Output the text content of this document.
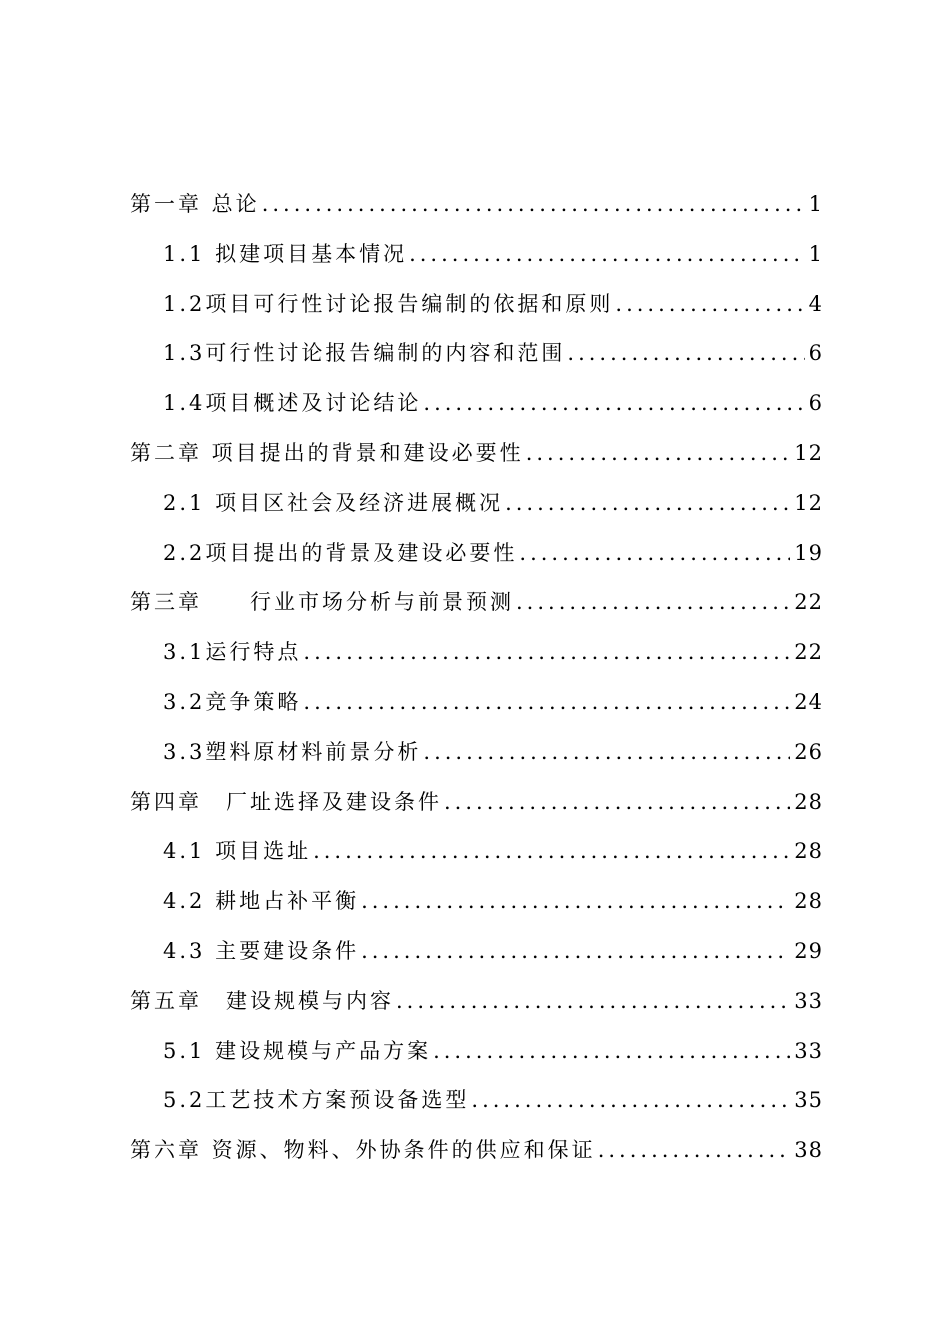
第一章 总论 .....	1
1.1 拟建项目基本情况 .....	1
1.2项目可行性讨论报告编制的依据和原则 .....	4
1.3可行性讨论报告编制的内容和范围 .....	6
1.4项目概述及讨论结论 .....	6
第二章 项目提出的背景和建设必要性 .....	12
2.1 项目区社会及经济进展概况 .....	12
2.2项目提出的背景及建设必要性 .....	19
第三章　　行业市场分析与前景预测 .....	22
3.1运行特点 .....	22
3.2竞争策略 .....	24
3.3塑料原材料前景分析 .....	26
第四章　厂址选择及建设条件 .....	28
4.1 项目选址 .....	28
4.2 耕地占补平衡 .....	28
4.3 主要建设条件 .....	29
第五章　建设规模与内容 .....	33
5.1 建设规模与产品方案 .....	33
5.2工艺技术方案预设备选型 .....	35
第六章 资源、物料、外协条件的供应和保证 .....	38
